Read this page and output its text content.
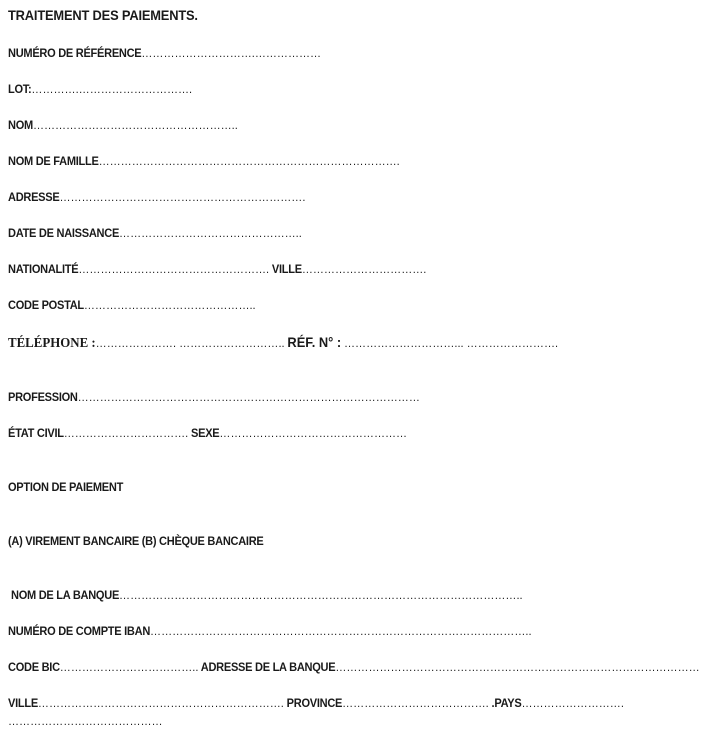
TRAITEMENT DES PAIEMENTS.
NUMÉRO DE RÉFÉRENCE………………………….………………
LOT:………….………………………….
NOM………………………………………………..
NOM DE FAMILLE……………………………………………………………………….
ADRESSE………………………………………………………….
DATE DE NAISSANCE…………………………………………..
NATIONALITÉ……………………………………………. VILLE…………………………….
CODE POSTAL………………………………………..
TÉLÉPHONE :…………………. ……………………….. RÉF. N° : …………………………... …………………….
PROFESSION…………………………………………………………………………………
ÉTAT CIVIL……………………………. SEXE……………………………………………
OPTION DE PAIEMENT
(A) VIREMENT BANCAIRE (B) CHÈQUE BANCAIRE
NOM DE LA BANQUE………………………………………………………………………………………………..
NUMÉRO DE COMPTE IBAN…………………………………………………………………………………………..
CODE BIC……………………………….. ADRESSE DE LA BANQUE………………………………………………………………………………………
VILLE…………………………………………………………. PROVINCE…………………………………. .PAYS……………………….
……………………………………
